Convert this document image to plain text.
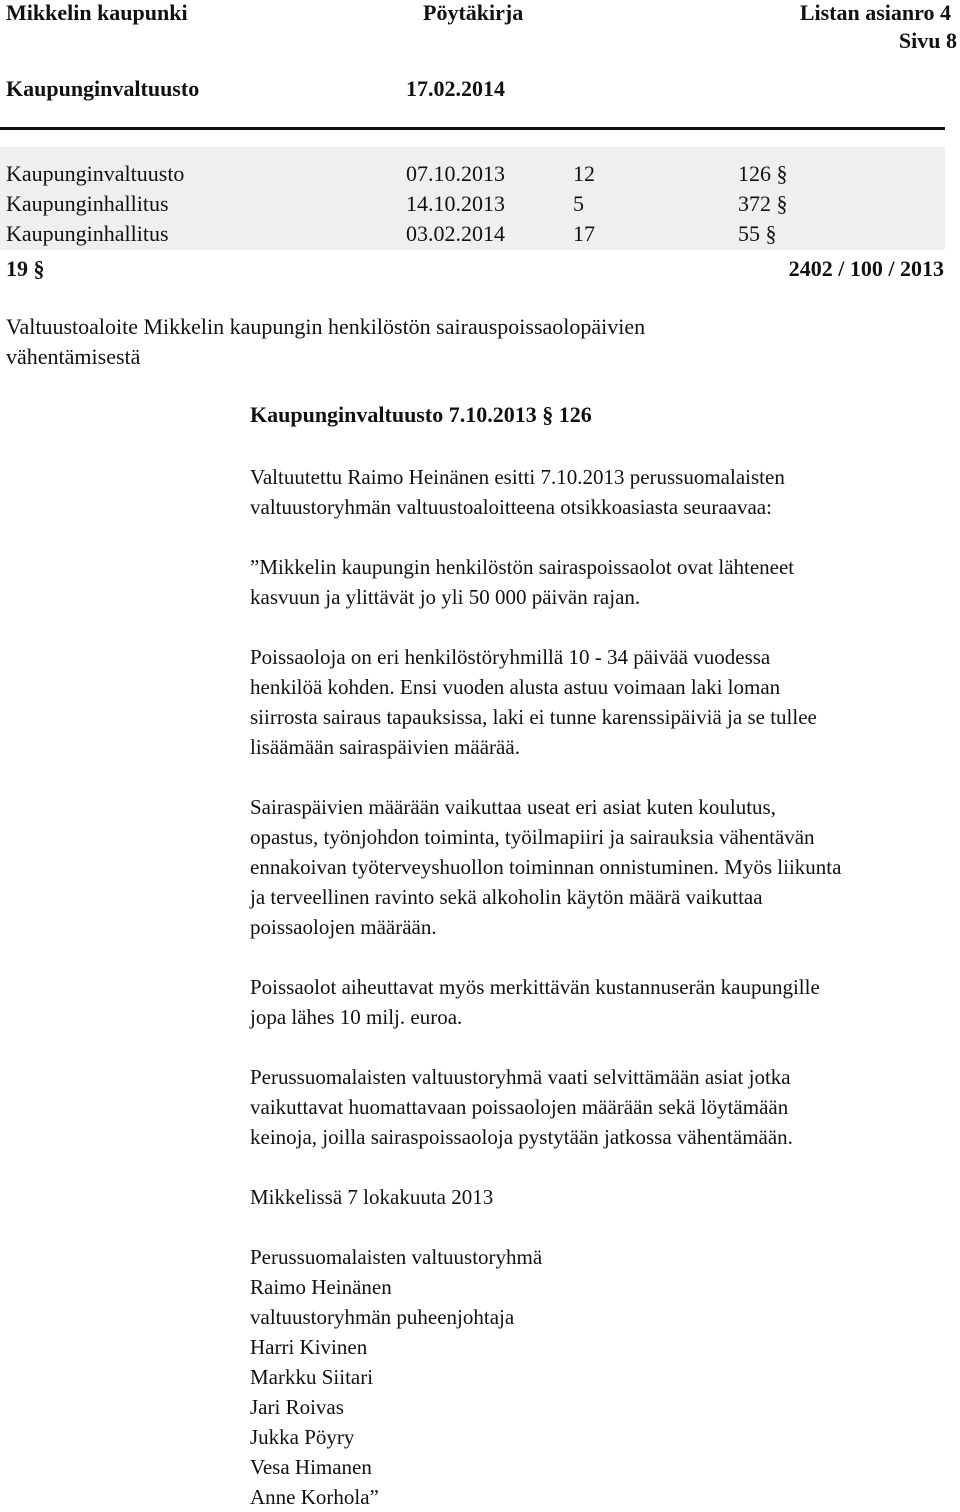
Mikkelin kaupunki	Pöytäkirja	Listan asianro 4
Sivu 8
Kaupunginvaltuusto	17.02.2014
Kaupunginvaltuusto	07.10.2013	12	126 §
Kaupunginhallitus	14.10.2013	5	372 §
Kaupunginhallitus	03.02.2014	17	55 §
19 §	2402 / 100 / 2013
Valtuustoaloite Mikkelin kaupungin henkilöstön sairauspoissaolopäivien
vähentämisestä
Kaupunginvaltuusto 7.10.2013 § 126

Valtuutettu Raimo Heinänen esitti 7.10.2013 perussuomalaisten

valtuustoryhmän valtuustoaloitteena otsikkoasiasta seuraavaa:

”Mikkelin kaupungin henkilöstön sairaspoissaolot ovat lähteneet

kasvuun ja ylittävät jo yli 50 000 päivän rajan.

Poissaoloja on eri henkilöstöryhmillä 10 - 34 päivää vuodessa

henkilöä kohden. Ensi vuoden alusta astuu voimaan laki loman

siirrosta sairaus tapauksissa, laki ei tunne karenssipäiviä ja se tullee

lisäämään sairaspäivien määrää.

Sairaspäivien määrään vaikuttaa useat eri asiat kuten koulutus,

opastus, työnjohdon toiminta, työilmapiiri ja sairauksia vähentävän

ennakoivan työterveyshuollon toiminnan onnistuminen. Myös liikunta

ja terveellinen ravinto sekä alkoholin käytön määrä vaikuttaa

poissaolojen määrään.

Poissaolot aiheuttavat myös merkittävän kustannuserän kaupungille

jopa lähes 10 milj. euroa.

Perussuomalaisten valtuustoryhmä vaati selvittämään asiat jotka

vaikuttavat huomattavaan poissaolojen määrään sekä löytämään

keinoja, joilla sairaspoissaoloja pystytään jatkossa vähentämään.

Mikkelissä 7 lokakuuta 2013

Perussuomalaisten valtuustoryhmä

Raimo Heinänen

valtuustoryhmän puheenjohtaja

Harri Kivinen

Markku Siitari

Jari Roivas

Jukka Pöyry

Vesa Himanen

Anne Korhola”
